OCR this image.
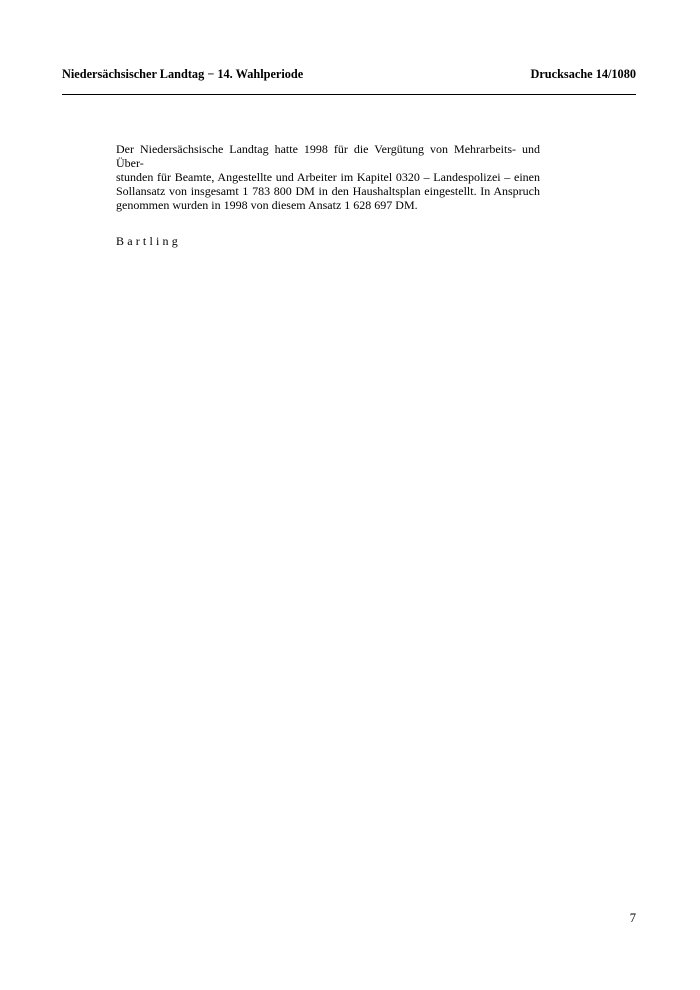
Niedersächsischer Landtag − 14. Wahlperiode	Drucksache 14/1080
Der Niedersächsische Landtag hatte 1998 für die Vergütung von Mehrarbeits- und Über-
stunden für Beamte, Angestellte und Arbeiter im Kapitel 0320 – Landespolizei – einen
Sollansatz von insgesamt 1 783 800 DM in den Haushaltsplan eingestellt. In Anspruch
genommen wurden in 1998 von diesem Ansatz 1 628 697 DM.
Bartling
7
